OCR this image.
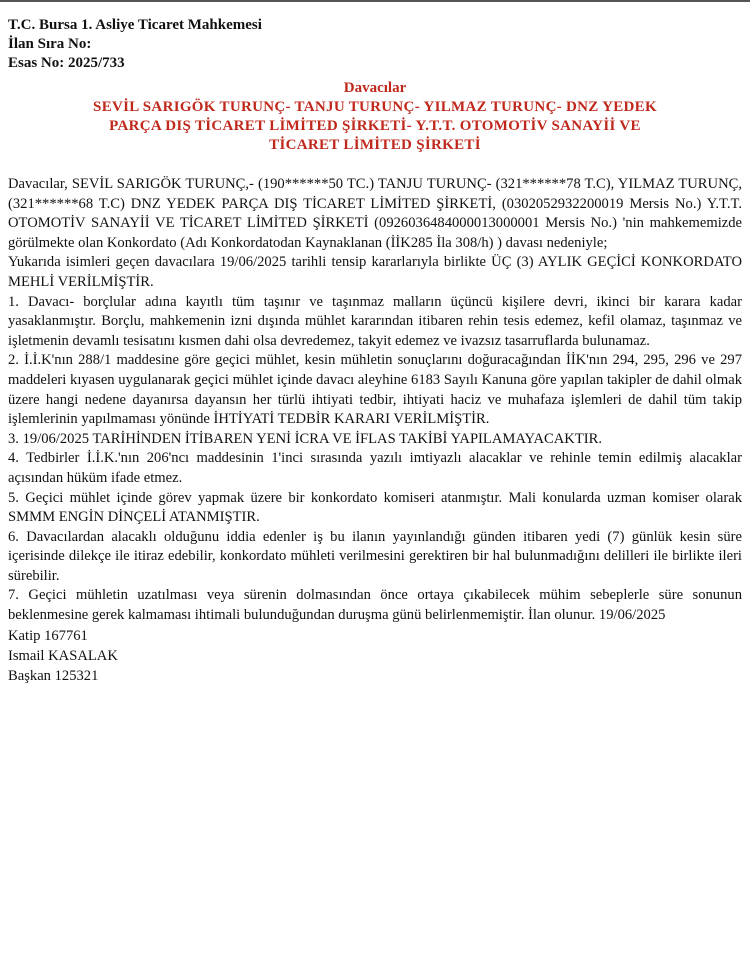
T.C. Bursa 1. Asliye Ticaret Mahkemesi

İlan Sıra No:

Esas No: 2025/733

Davacılar
SEVİL SARIGÖK TURUNÇ- TANJU TURUNÇ- YILMAZ TURUNÇ- DNZ YEDEK
PARÇA DIŞ TİCARET LİMİTED ŞİRKETİ- Y.T.T. OTOMOTİV SANAYİİ VE
TİCARET LİMİTED ŞİRKETİ

Davacılar, SEVİL SARIGÖK TURUNÇ,- (190******50 TC.) TANJU TURUNÇ- (321******78 T.C), YILMAZ TURUNÇ, (321******68 T.C) DNZ YEDEK PARÇA DIŞ TİCARET LİMİTED ŞİRKETİ, (0302052932200019 Mersis No.) Y.T.T. OTOMOTİV SANAYİİ VE TİCARET LİMİTED ŞİRKETİ (0926036484000013000001 Mersis No.) 'nin mahkememizde görülmekte olan Konkordato (Adı Konkordatodan Kaynaklanan (İİK285 İla 308/h) ) davası nedeniyle;

Yukarıda isimleri geçen davacılara 19/06/2025 tarihli tensip kararlarıyla birlikte ÜÇ (3) AYLIK GEÇİCİ KONKORDATO MEHLİ VERİLMİŞTİR.

1. Davacı- borçlular adına kayıtlı tüm taşınır ve taşınmaz malların üçüncü kişilere devri, ikinci bir karara kadar yasaklanmıştır. Borçlu, mahkemenin izni dışında mühlet kararından itibaren rehin tesis edemez, kefil olamaz, taşınmaz ve işletmenin devamlı tesisatını kısmen dahi olsa devredemez, takyit edemez ve ivazsız tasarruflarda bulunamaz.

2. İ.İ.K'nın 288/1 maddesine göre geçici mühlet, kesin mühletin sonuçlarını doğuracağından İİK'nın 294, 295, 296 ve 297 maddeleri kıyasen uygulanarak geçici mühlet içinde davacı aleyhine 6183 Sayılı Kanuna göre yapılan takipler de dahil olmak üzere hangi nedene dayanırsa dayansın her türlü ihtiyati tedbir, ihtiyati haciz ve muhafaza işlemleri de dahil tüm takip işlemlerinin yapılmaması yönünde İHTİYATİ TEDBİR KARARI VERİLMİŞTİR.

3. 19/06/2025 TARİHİNDEN İTİBAREN YENİ İCRA VE İFLAS TAKİBİ YAPILAMAYACAKTIR.

4. Tedbirler İ.İ.K.'nın 206'ncı maddesinin 1'inci sırasında yazılı imtiyazlı alacaklar ve rehinle temin edilmiş alacaklar açısından hüküm ifade etmez.

5. Geçici mühlet içinde görev yapmak üzere bir konkordato komiseri atanmıştır. Mali konularda uzman komiser olarak SMMM ENGİN DİNÇELİ ATANMIŞTIR.

6. Davacılardan alacaklı olduğunu iddia edenler iş bu ilanın yayınlandığı günden itibaren yedi (7) günlük kesin süre içerisinde dilekçe ile itiraz edebilir, konkordato mühleti verilmesini gerektiren bir hal bulunmadığını delilleri ile birlikte ileri sürebilir.

7. Geçici mühletin uzatılması veya sürenin dolmasından önce ortaya çıkabilecek mühim sebeplerle süre sonunun beklenmesine gerek kalmaması ihtimali bulunduğundan duruşma günü belirlenmemiştir. İlan olunur. 19/06/2025

Katip 167761

Ismail KASALAK

Başkan 125321
